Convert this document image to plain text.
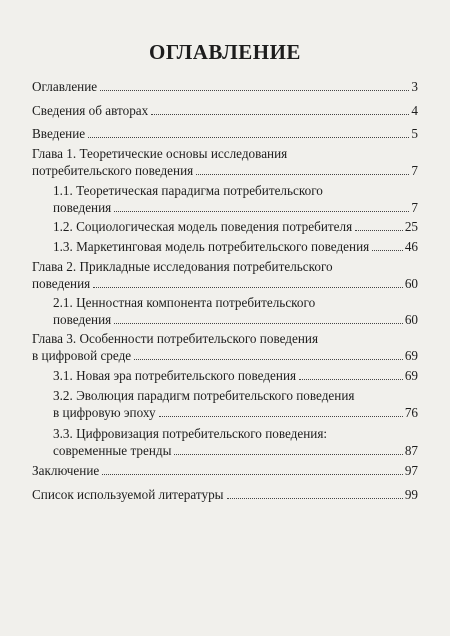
ОГЛАВЛЕНИЕ
Оглавление	3
Сведения об авторах	4
Введение	5
Глава 1. Теоретические основы исследования
потребительского поведения	7
1.1. Теоретическая парадигма потребительского
поведения	7
1.2. Социологическая модель поведения потребителя	25
1.3. Маркетинговая модель потребительского поведения	46
Глава 2. Прикладные исследования потребительского
поведения	60
2.1. Ценностная компонента потребительского
поведения	60
Глава 3. Особенности потребительского поведения
в цифровой среде	69
3.1. Новая эра потребительского поведения	69
3.2. Эволюция парадигм потребительского поведения
в цифровую эпоху	76
3.3. Цифровизация потребительского поведения:
современные тренды	87
Заключение	97
Список используемой литературы	99
